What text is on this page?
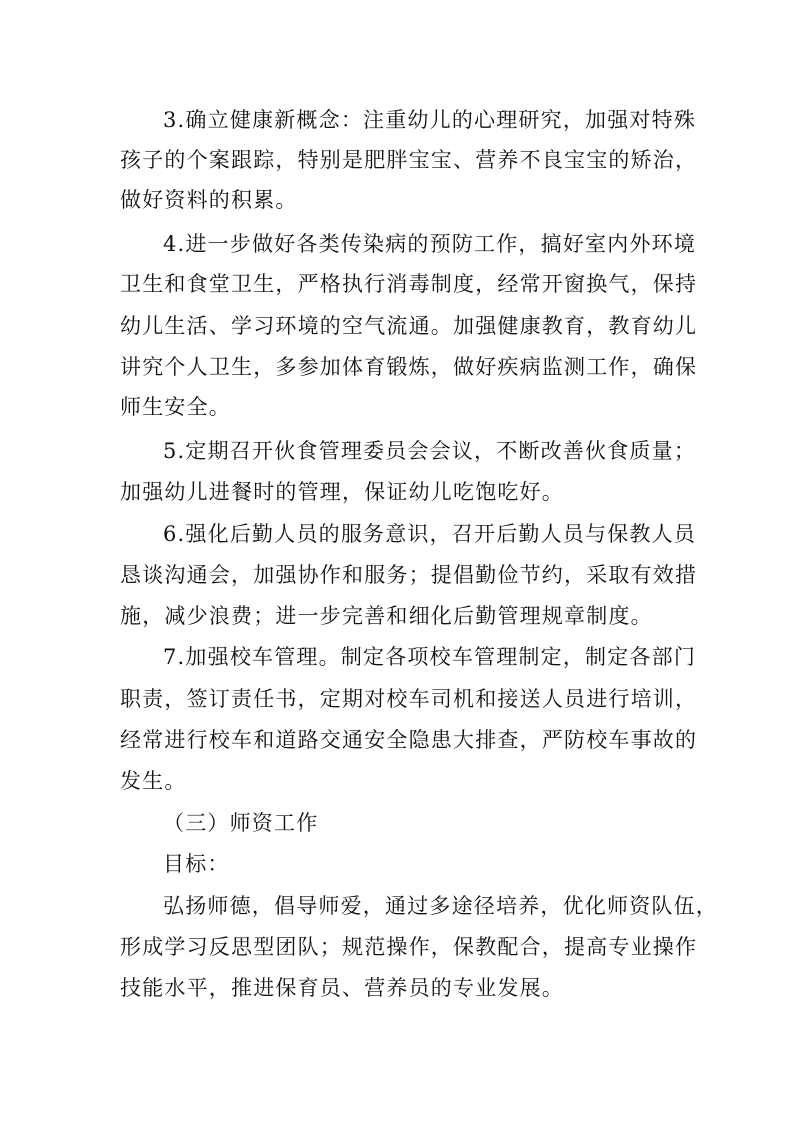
3.确立健康新概念：注重幼儿的心理研究，加强对特殊
孩子的个案跟踪，特别是肥胖宝宝、营养不良宝宝的矫治，
做好资料的积累。
4.进一步做好各类传染病的预防工作，搞好室内外环境
卫生和食堂卫生，严格执行消毒制度，经常开窗换气，保持
幼儿生活、学习环境的空气流通。加强健康教育，教育幼儿
讲究个人卫生，多参加体育锻炼，做好疾病监测工作，确保
师生安全。
5.定期召开伙食管理委员会会议，不断改善伙食质量；
加强幼儿进餐时的管理，保证幼儿吃饱吃好。
6.强化后勤人员的服务意识，召开后勤人员与保教人员
恳谈沟通会，加强协作和服务；提倡勤俭节约，采取有效措
施，减少浪费；进一步完善和细化后勤管理规章制度。
7.加强校车管理。制定各项校车管理制定，制定各部门
职责，签订责任书，定期对校车司机和接送人员进行培训，
经常进行校车和道路交通安全隐患大排查，严防校车事故的
发生。
（三）师资工作
目标：
弘扬师德，倡导师爱，通过多途径培养，优化师资队伍，
形成学习反思型团队；规范操作，保教配合，提高专业操作
技能水平，推进保育员、营养员的专业发展。
